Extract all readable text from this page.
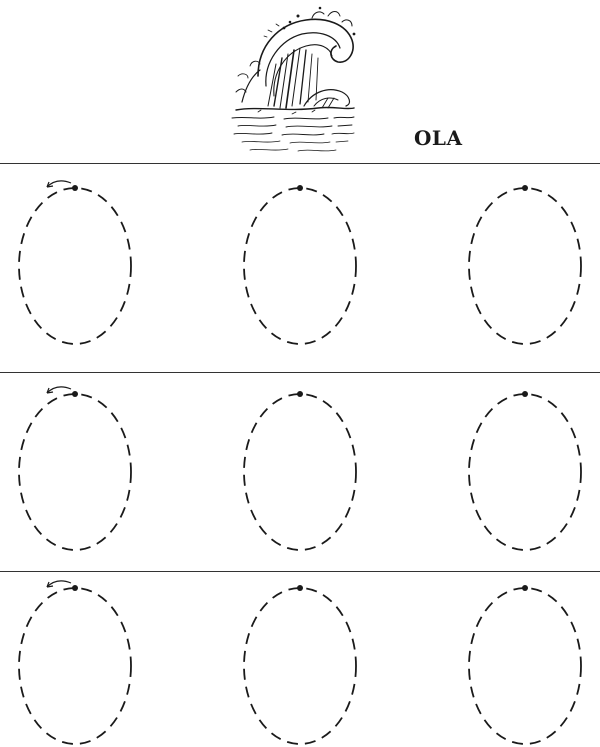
OLA
